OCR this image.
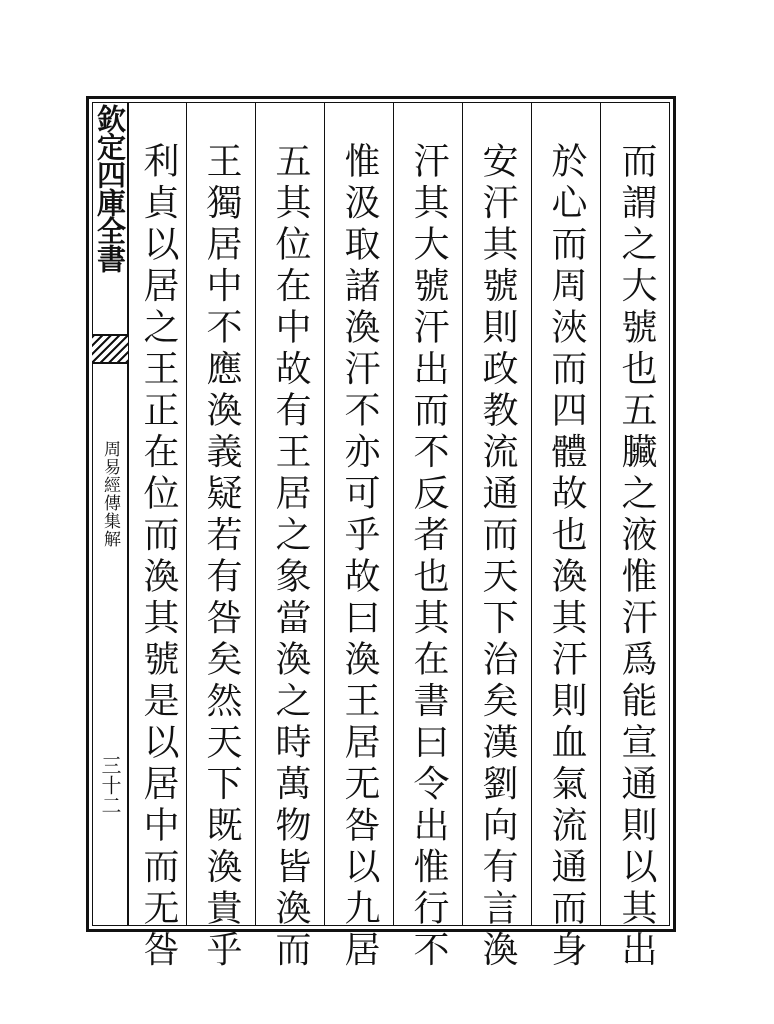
欽定四庫全書
周易經傳集解
三十二	而謂之大號也五臟之液惟汗爲能宣通則以其出
於心而周浹而四體故也渙其汗則血氣流通而身
安汗其號則政教流通而天下治矣漢劉向有言渙
汗其大號汗出而不反者也其在書曰令出惟行不
惟汲取諸渙汗不亦可乎故曰渙王居无咎以九居
五其位在中故有王居之象當渙之時萬物皆渙而
王獨居中不應渙義疑若有咎矣然天下既渙貴乎
利貞以居之王正在位而渙其號是以居中而无咎
